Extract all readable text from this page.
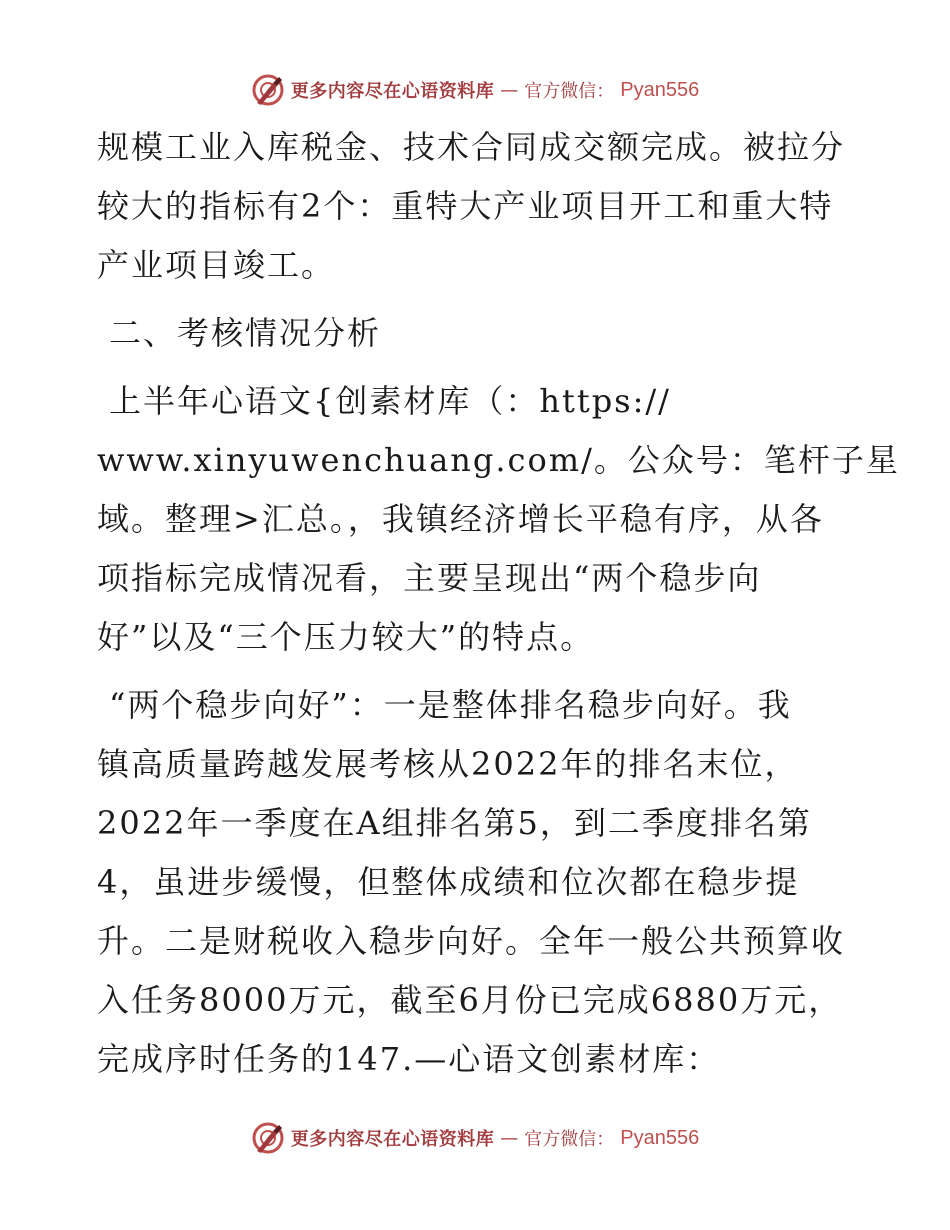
更多内容尽在心语资料库 — 官方微信： Pyan556

规模工业入库税金、技术合同成交额完成。被拉分
较大的指标有2个：重特大产业项目开工和重大特
产业项目竣工。

二、考核情况分析

上半年心语文{创素材库（：https://
www.xinyuwenchuang.com/。公众号：笔杆子星
域。整理>汇总。，我镇经济增长平稳有序，从各
项指标完成情况看，主要呈现出“两个稳步向
好”以及“三个压力较大”的特点。

“两个稳步向好”：一是整体排名稳步向好。我
镇高质量跨越发展考核从2022年的排名末位，
2022年一季度在A组排名第5，到二季度排名第
4，虽进步缓慢，但整体成绩和位次都在稳步提
升。二是财税收入稳步向好。全年一般公共预算收
入任务8000万元，截至6月份已完成6880万元，
完成序时任务的147.—心语文创素材库：

更多内容尽在心语资料库 — 官方微信： Pyan556
